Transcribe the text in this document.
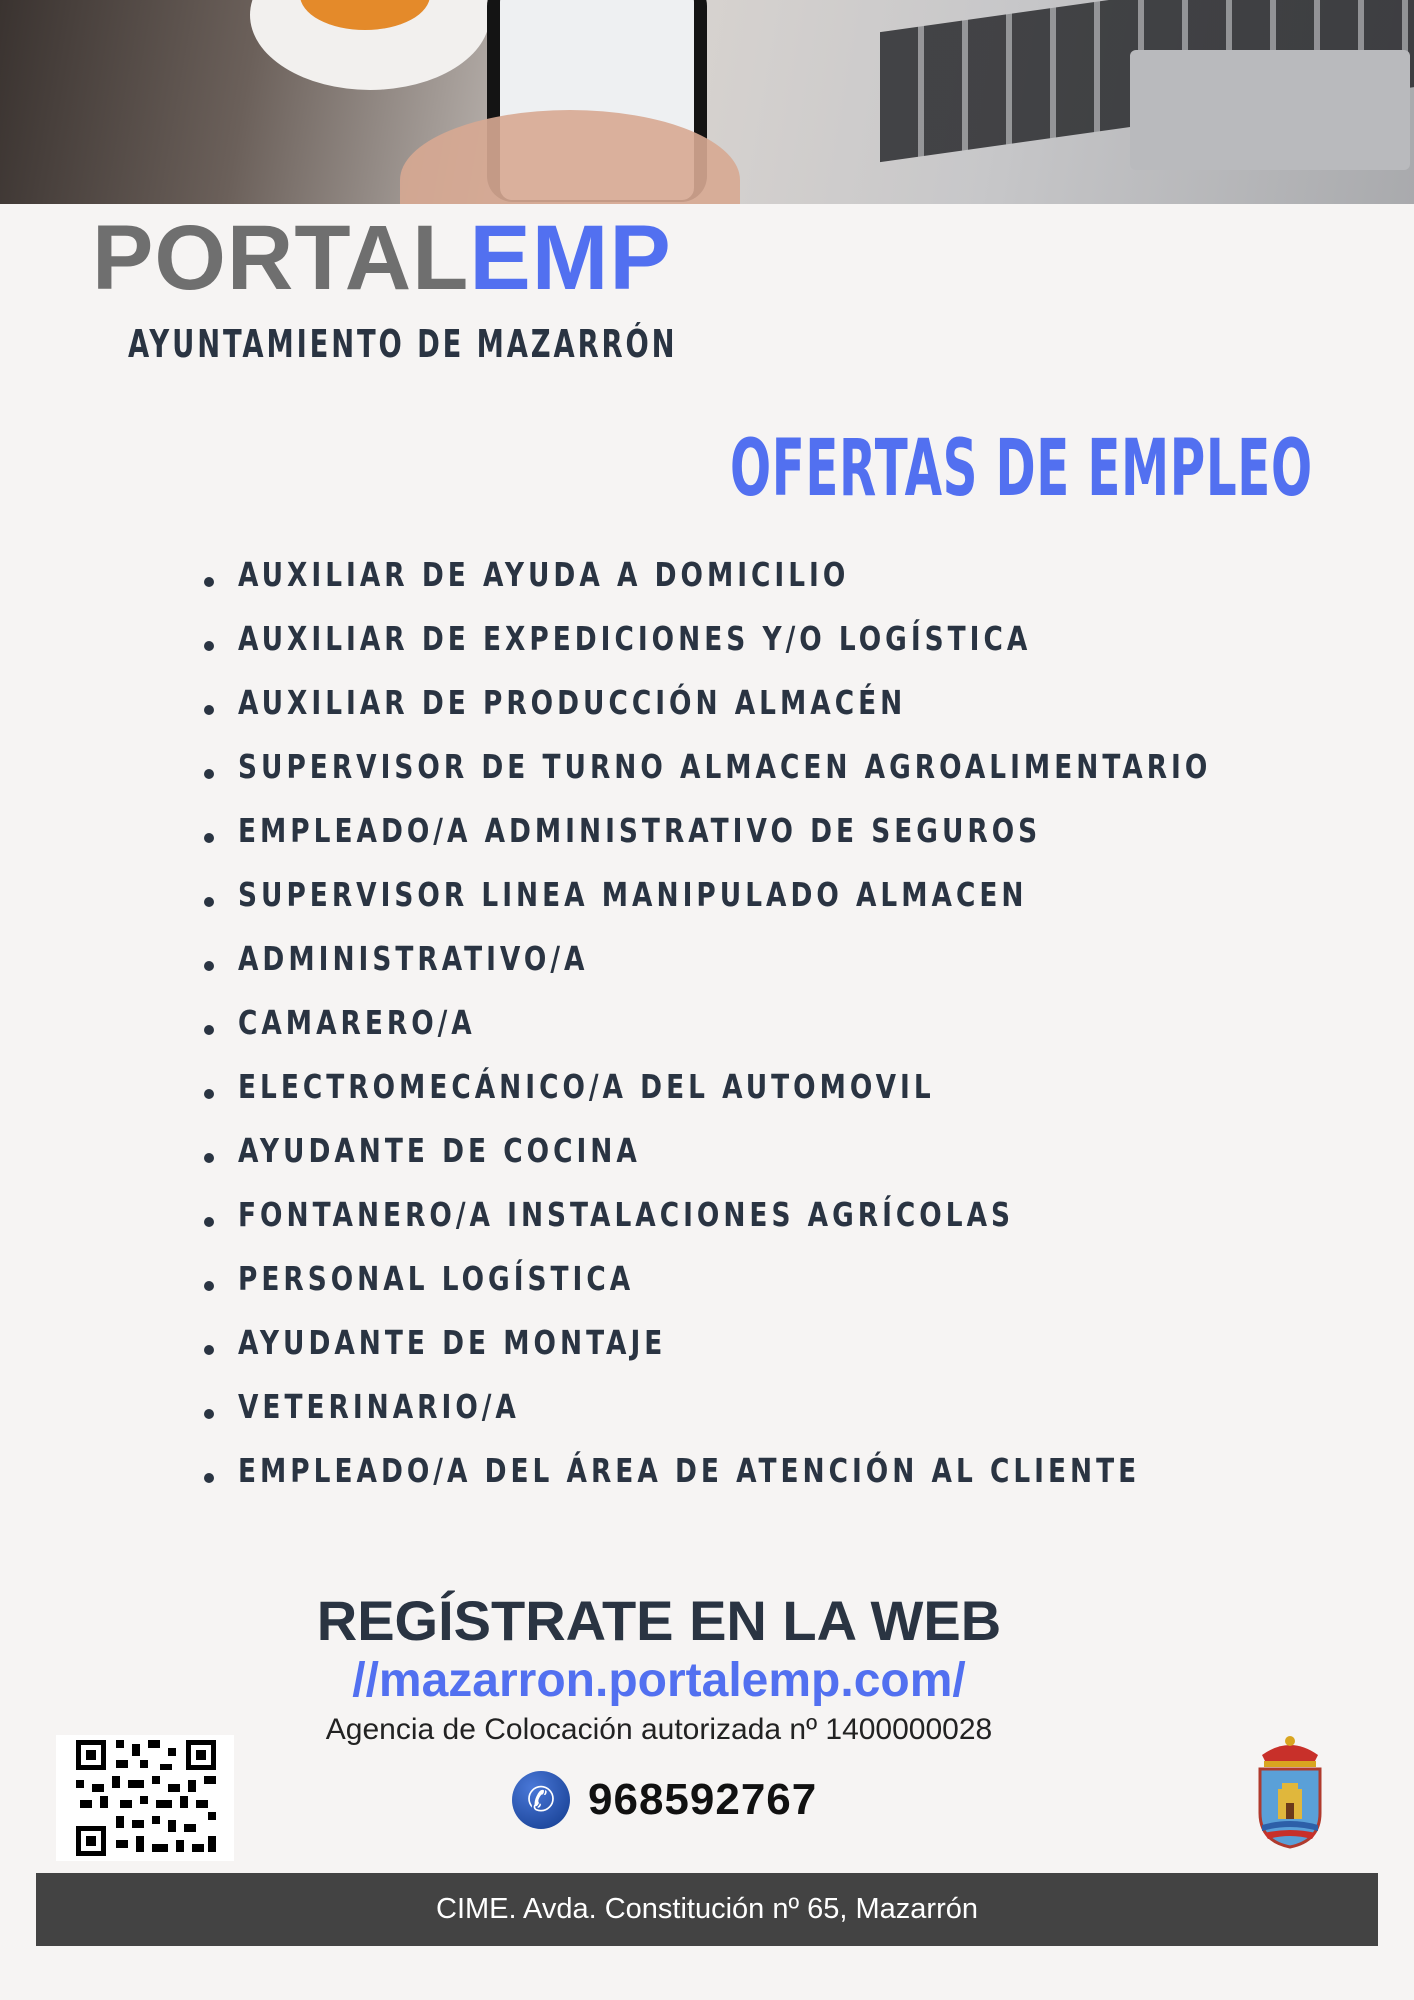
PORTALEMP
AYUNTAMIENTO DE MAZARRÓN
OFERTAS DE EMPLEO
AUXILIAR DE AYUDA A DOMICILIO
AUXILIAR DE EXPEDICIONES Y/O LOGÍSTICA
AUXILIAR DE PRODUCCIÓN ALMACÉN
SUPERVISOR DE TURNO ALMACEN AGROALIMENTARIO
EMPLEADO/A ADMINISTRATIVO DE SEGUROS
SUPERVISOR LINEA MANIPULADO ALMACEN
ADMINISTRATIVO/A
CAMARERO/A
ELECTROMECÁNICO/A DEL AUTOMOVIL
AYUDANTE DE COCINA
FONTANERO/A INSTALACIONES AGRÍCOLAS
PERSONAL LOGÍSTICA
AYUDANTE DE MONTAJE
VETERINARIO/A
EMPLEADO/A DEL ÁREA DE ATENCIÓN AL CLIENTE
REGÍSTRATE EN LA WEB
//mazarron.portalemp.com/
Agencia de Colocación autorizada nº 1400000028
✆ 968592767
CIME. Avda. Constitución nº 65, Mazarrón
